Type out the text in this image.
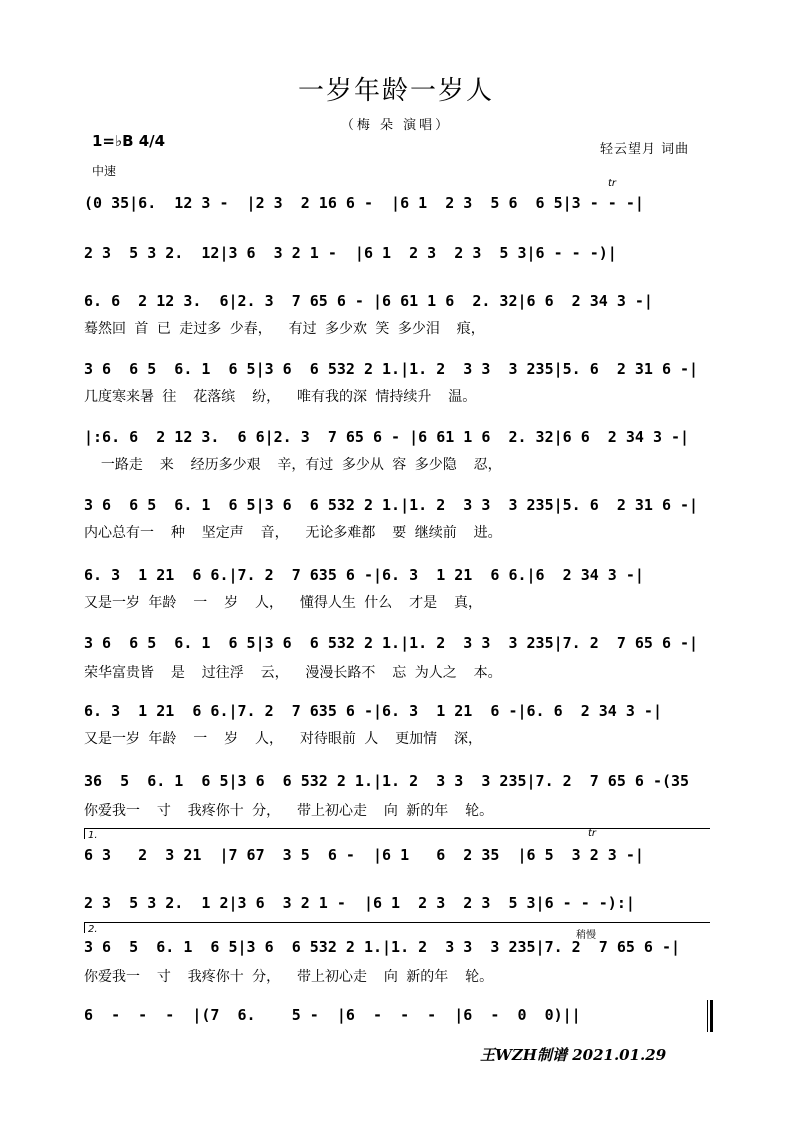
一岁年龄一岁人
（梅 朵 演唱）
1=♭B 4/4	轻云望月 词曲
中速
tr
tr
稍慢
1.
2.
(0 35|6.  12 3 -  |2 3  2 16 6 -  |6 1  2 3  5 6  6 5|3 - - -|
2 3  5 3 2.  12|3 6  3 2 1 -  |6 1  2 3  2 3  5 3|6 - - -)|
6. 6  2 12 3.  6|2. 3  7 65 6 - |6 61 1 6  2. 32|6 6  2 34 3 -|
蓦然回 首 已 走过多 少春，  有过 多少欢 笑 多少泪  痕，
3 6  6 5  6. 1  6 5|3 6  6 532 2 1.|1. 2  3 3  3 235|5. 6  2 31 6 -|
几度寒来暑 往  花落缤  纷，  唯有我的深 情持续升  温。
|:6. 6  2 12 3.  6 6|2. 3  7 65 6 - |6 61 1 6  2. 32|6 6  2 34 3 -|
一路走  来  经历多少艰  辛，有过 多少从 容 多少隐  忍，
3 6  6 5  6. 1  6 5|3 6  6 532 2 1.|1. 2  3 3  3 235|5. 6  2 31 6 -|
内心总有一  种  坚定声  音，  无论多难都  要 继续前  进。
6. 3  1 21  6 6.|7. 2  7 635 6 -|6. 3  1 21  6 6.|6  2 34 3 -|
又是一岁 年龄  一  岁  人，  懂得人生 什么  才是  真，
3 6  6 5  6. 1  6 5|3 6  6 532 2 1.|1. 2  3 3  3 235|7. 2  7 65 6 -|
荣华富贵皆  是  过往浮  云，  漫漫长路不  忘 为人之  本。
6. 3  1 21  6 6.|7. 2  7 635 6 -|6. 3  1 21  6 -|6. 6  2 34 3 -|
又是一岁 年龄  一  岁  人，  对待眼前 人  更加情  深，
36  5  6. 1  6 5|3 6  6 532 2 1.|1. 2  3 3  3 235|7. 2  7 65 6 -(35
你爱我一  寸  我疼你十 分，  带上初心走  向 新的年  轮。
6 3   2  3 21  |7 67  3 5  6 -  |6 1   6  2 35  |6 5  3 2 3 -|
2 3  5 3 2.  1 2|3 6  3 2 1 -  |6 1  2 3  2 3  5 3|6 - - -):|
3 6  5  6. 1  6 5|3 6  6 532 2 1.|1. 2  3 3  3 235|7. 2  7 65 6 -|
你爱我一  寸  我疼你十 分，  带上初心走  向 新的年  轮。
6  -  -  -  |(7  6.    5 -  |6  -  -  -  |6  -  0  0)||
王WZH制谱 2021.01.29
